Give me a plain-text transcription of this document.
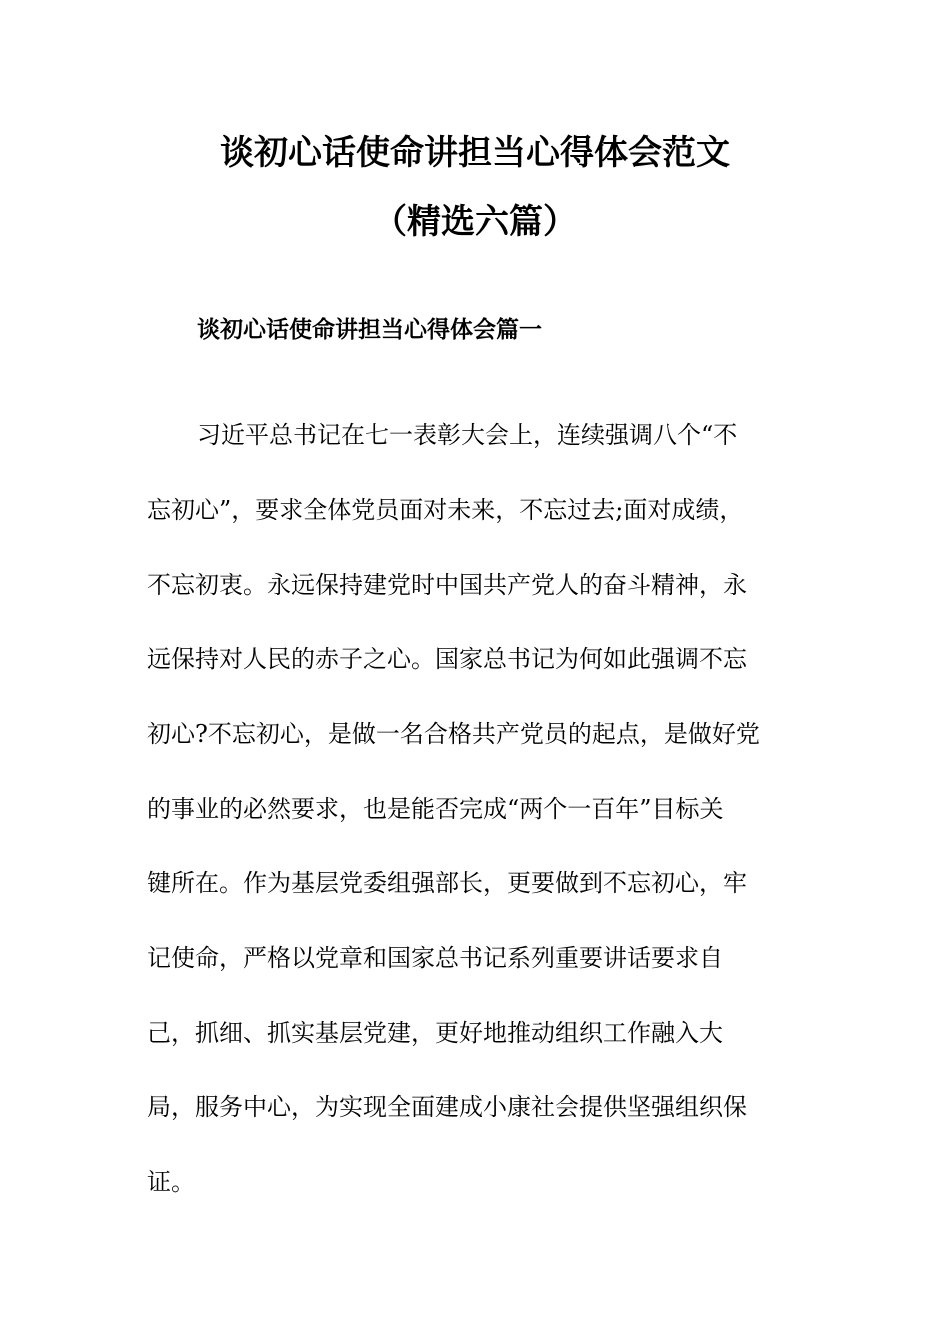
谈初心话使命讲担当心得体会范文
（精选六篇）
谈初心话使命讲担当心得体会篇一

习近平总书记在七一表彰大会上，连续强调八个“不

忘初心”，要求全体党员面对未来，不忘过去;面对成绩，

不忘初衷。永远保持建党时中国共产党人的奋斗精神，永

远保持对人民的赤子之心。国家总书记为何如此强调不忘

初心?不忘初心，是做一名合格共产党员的起点，是做好党

的事业的必然要求，也是能否完成“两个一百年”目标关

键所在。作为基层党委组强部长，更要做到不忘初心，牢

记使命，严格以党章和国家总书记系列重要讲话要求自

己，抓细、抓实基层党建，更好地推动组织工作融入大

局，服务中心，为实现全面建成小康社会提供坚强组织保

证。
